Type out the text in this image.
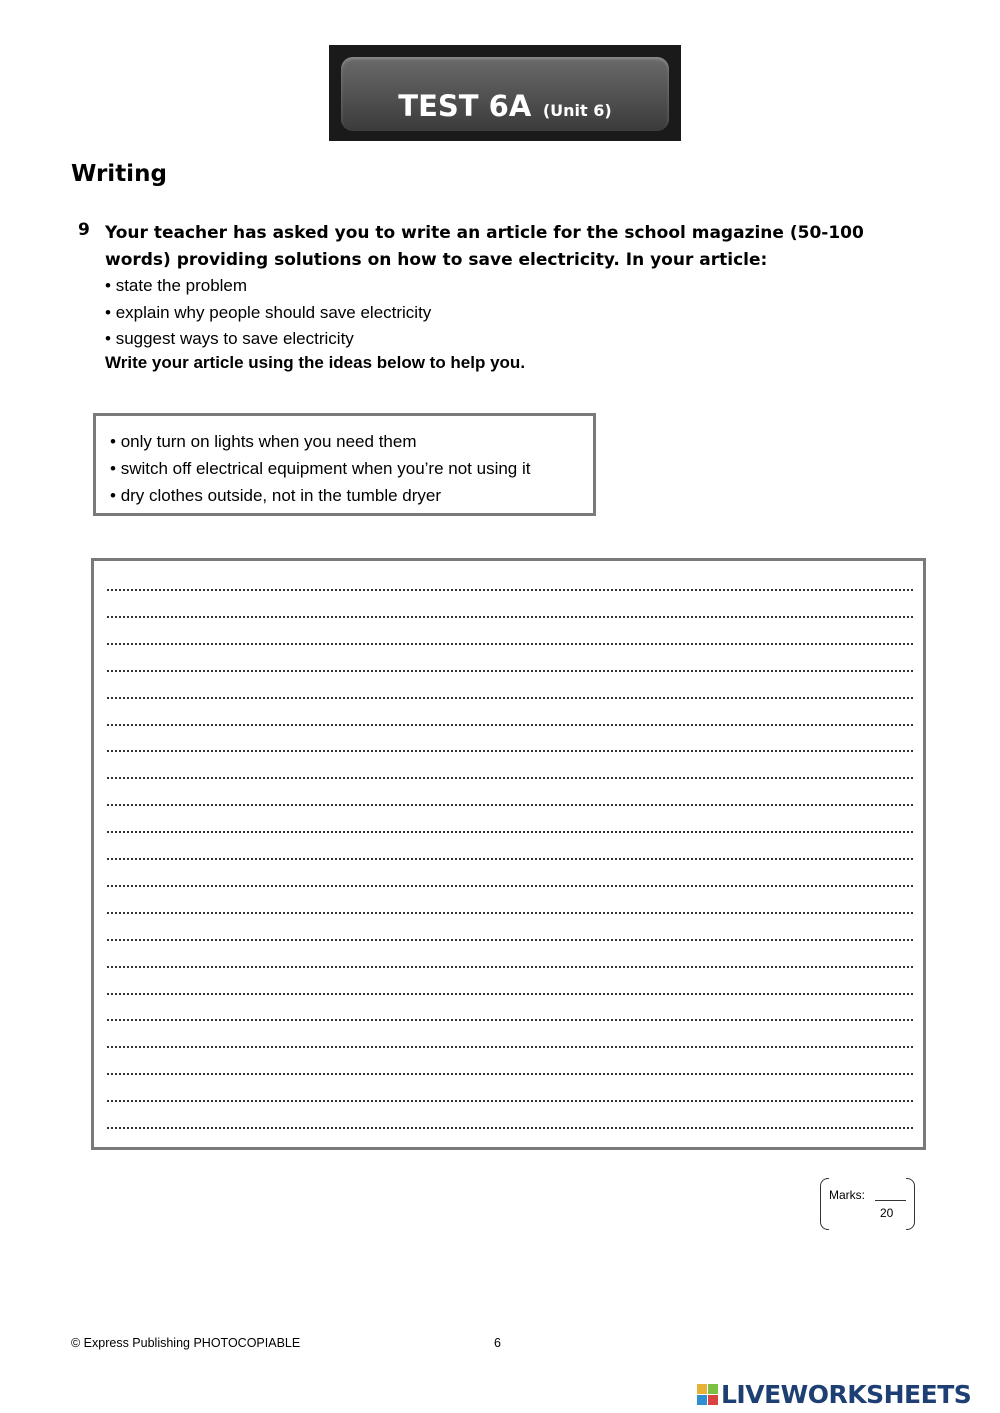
TEST 6A (Unit 6)
Writing
9 Your teacher has asked you to write an article for the school magazine (50-100 words) providing solutions on how to save electricity. In your article:
• state the problem
• explain why people should save electricity
• suggest ways to save electricity
Write your article using the ideas below to help you.
• only turn on lights when you need them
• switch off electrical equipment when you’re not using it
• dry clothes outside, not in the tumble dryer
Marks:
20
© Express Publishing PHOTOCOPIABLE	6
LIVEWORKSHEETS
